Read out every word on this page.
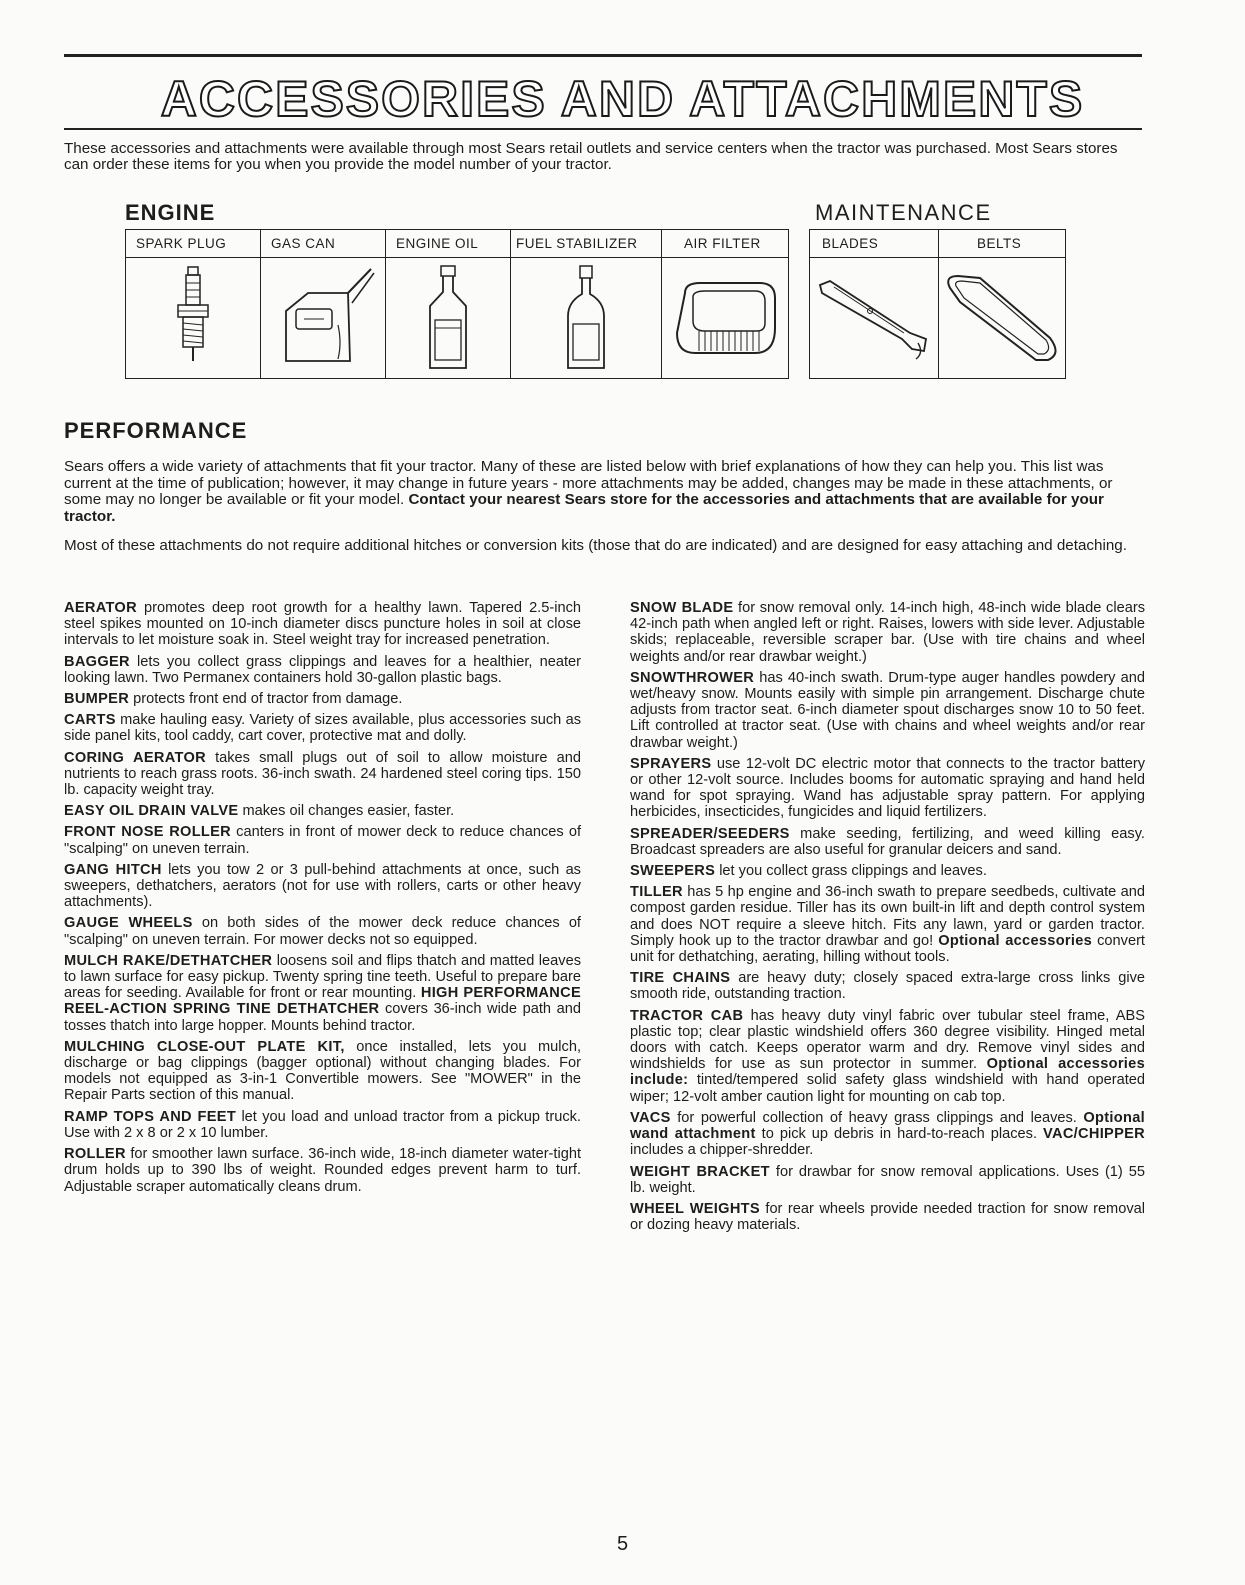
ACCESSORIES AND ATTACHMENTS
These accessories and attachments were available through most Sears retail outlets and service centers when the tractor was purchased. Most Sears stores can order these items for you when you provide the model number of your tractor.
ENGINE	MAINTENANCE
SPARK PLUG	GAS CAN	ENGINE OIL	FUEL STABILIZER	AIR FILTER

		BLADES	BELTS

PERFORMANCE
Sears offers a wide variety of attachments that fit your tractor. Many of these are listed below with brief explanations of how they can help you. This list was current at the time of publication; however, it may change in future years - more attachments may be added, changes may be made in these attachments, or some may no longer be available or fit your model. Contact your nearest Sears store for the accessories and attachments that are available for your tractor.
Most of these attachments do not require additional hitches or conversion kits (those that do are indicated) and are designed for easy attaching and detaching.

AERATOR promotes deep root growth for a healthy lawn. Tapered 2.5-inch steel spikes mounted on 10-inch diameter discs puncture holes in soil at close intervals to let moisture soak in. Steel weight tray for increased penetration.

BAGGER lets you collect grass clippings and leaves for a healthier, neater looking lawn. Two Permanex containers hold 30-gallon plastic bags.

BUMPER protects front end of tractor from damage.

CARTS make hauling easy. Variety of sizes available, plus accessories such as side panel kits, tool caddy, cart cover, protective mat and dolly.

CORING AERATOR takes small plugs out of soil to allow moisture and nutrients to reach grass roots. 36-inch swath. 24 hardened steel coring tips. 150 lb. capacity weight tray.

EASY OIL DRAIN VALVE makes oil changes easier, faster.

FRONT NOSE ROLLER canters in front of mower deck to reduce chances of "scalping" on uneven terrain.

GANG HITCH lets you tow 2 or 3 pull-behind attachments at once, such as sweepers, dethatchers, aerators (not for use with rollers, carts or other heavy attachments).

GAUGE WHEELS on both sides of the mower deck reduce chances of "scalping" on uneven terrain. For mower decks not so equipped.

MULCH RAKE/DETHATCHER loosens soil and flips thatch and matted leaves to lawn surface for easy pickup. Twenty spring tine teeth. Useful to prepare bare areas for seeding. Available for front or rear mounting. HIGH PERFORMANCE REEL-ACTION SPRING TINE DETHATCHER covers 36-inch wide path and tosses thatch into large hopper. Mounts behind tractor.

MULCHING CLOSE-OUT PLATE KIT, once installed, lets you mulch, discharge or bag clippings (bagger optional) without changing blades. For models not equipped as 3-in-1 Convertible mowers. See "MOWER" in the Repair Parts section of this manual.

RAMP TOPS AND FEET let you load and unload tractor from a pickup truck. Use with 2 x 8 or 2 x 10 lumber.

ROLLER for smoother lawn surface. 36-inch wide, 18-inch diameter water-tight drum holds up to 390 lbs of weight. Rounded edges prevent harm to turf. Adjustable scraper automatically cleans drum.

SNOW BLADE for snow removal only. 14-inch high, 48-inch wide blade clears 42-inch path when angled left or right. Raises, lowers with side lever. Adjustable skids; replaceable, reversible scraper bar. (Use with tire chains and wheel weights and/or rear drawbar weight.)

SNOWTHROWER has 40-inch swath. Drum-type auger handles powdery and wet/heavy snow. Mounts easily with simple pin arrangement. Discharge chute adjusts from tractor seat. 6-inch diameter spout discharges snow 10 to 50 feet. Lift controlled at tractor seat. (Use with chains and wheel weights and/or rear drawbar weight.)

SPRAYERS use 12-volt DC electric motor that connects to the tractor battery or other 12-volt source. Includes booms for automatic spraying and hand held wand for spot spraying. Wand has adjustable spray pattern. For applying herbicides, insecticides, fungicides and liquid fertilizers.

SPREADER/SEEDERS make seeding, fertilizing, and weed killing easy. Broadcast spreaders are also useful for granular deicers and sand.

SWEEPERS let you collect grass clippings and leaves.

TILLER has 5 hp engine and 36-inch swath to prepare seedbeds, cultivate and compost garden residue. Tiller has its own built-in lift and depth control system and does NOT require a sleeve hitch. Fits any lawn, yard or garden tractor. Simply hook up to the tractor drawbar and go! Optional accessories convert unit for dethatching, aerating, hilling without tools.

TIRE CHAINS are heavy duty; closely spaced extra-large cross links give smooth ride, outstanding traction.

TRACTOR CAB has heavy duty vinyl fabric over tubular steel frame, ABS plastic top; clear plastic windshield offers 360 degree visibility. Hinged metal doors with catch. Keeps operator warm and dry. Remove vinyl sides and windshields for use as sun protector in summer. Optional accessories include: tinted/tempered solid safety glass windshield with hand operated wiper; 12-volt amber caution light for mounting on cab top.

VACS for powerful collection of heavy grass clippings and leaves. Optional wand attachment to pick up debris in hard-to-reach places. VAC/CHIPPER includes a chipper-shredder.

WEIGHT BRACKET for drawbar for snow removal applications. Uses (1) 55 lb. weight.

WHEEL WEIGHTS for rear wheels provide needed traction for snow removal or dozing heavy materials.

5
